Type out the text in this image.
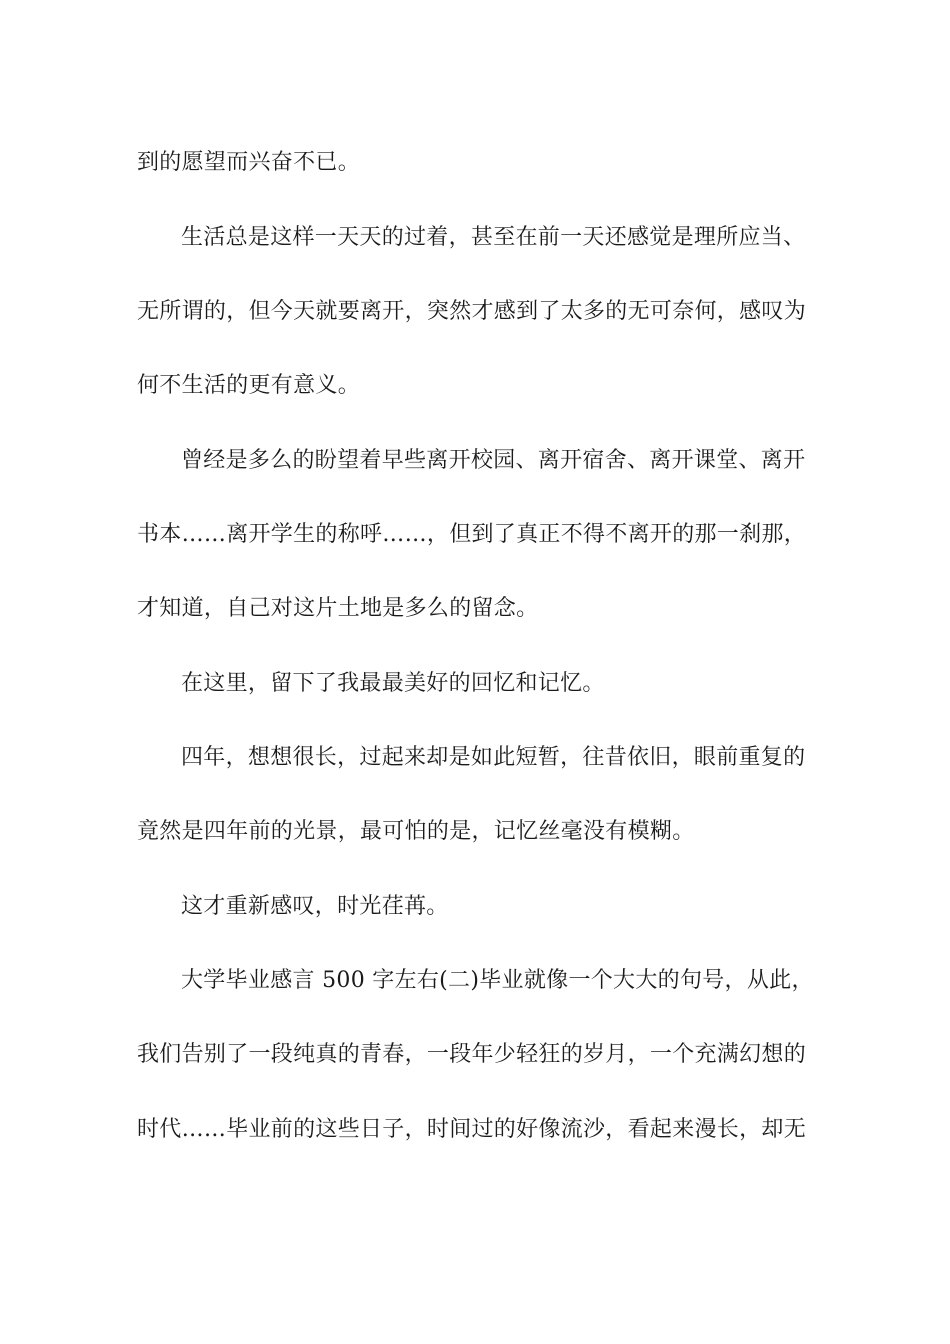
到的愿望而兴奋不已。
生活总是这样一天天的过着，甚至在前一天还感觉是理所应当、
无所谓的，但今天就要离开，突然才感到了太多的无可奈何，感叹为
何不生活的更有意义。
曾经是多么的盼望着早些离开校园、离开宿舍、离开课堂、离开
书本……离开学生的称呼……，但到了真正不得不离开的那一刹那，
才知道，自己对这片土地是多么的留念。
在这里，留下了我最最美好的回忆和记忆。
四年，想想很长，过起来却是如此短暂，往昔依旧，眼前重复的
竟然是四年前的光景，最可怕的是，记忆丝毫没有模糊。
这才重新感叹，时光荏苒。
大学毕业感言 500 字左右(二)毕业就像一个大大的句号，从此，
我们告别了一段纯真的青春，一段年少轻狂的岁月，一个充满幻想的
时代……毕业前的这些日子，时间过的好像流沙，看起来漫长，却无
